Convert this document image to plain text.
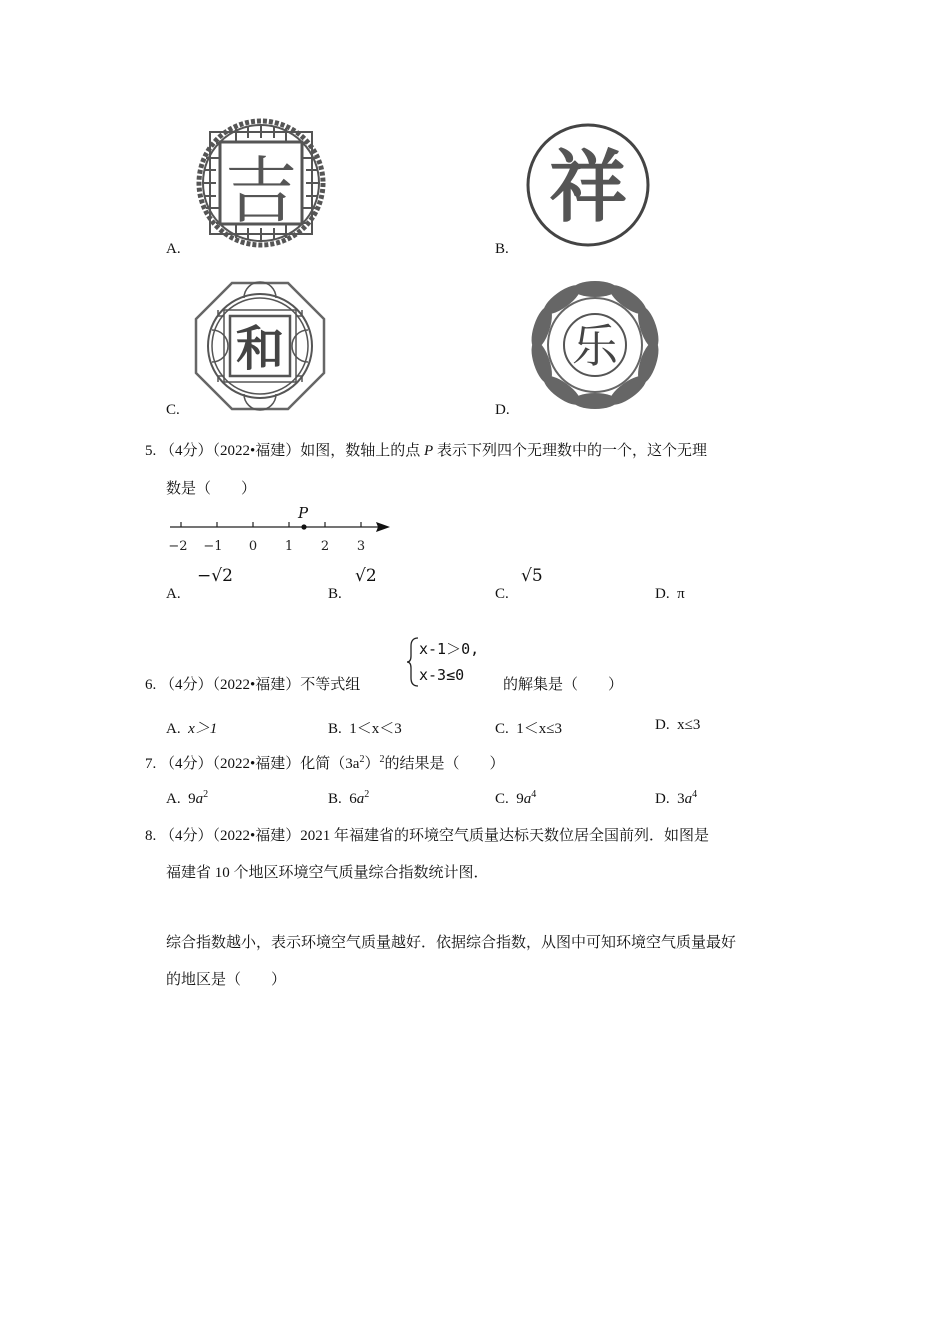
吉
A.
祥
B.
和
C.
乐
D.
5. （4分）（2022•福建）如图，数轴上的点 P 表示下列四个无理数中的一个，这个无理
数是（　　）
P
−2 −1 0 1 2 3
A.
−√2
B.
√2
C.
√5
D. π
6. （4分）（2022•福建）不等式组
x-1＞0,
x-3≤0
的解集是（　　）
A. x＞1	B. 1＜x＜3	C. 1＜x≤3	D. x≤3
7. （4分）（2022•福建）化简$(3a^2)^2$的结果是（　　）
A. $9a^2$	B. $6a^2$	C. $9a^4$	D. $3a^4$
8. （4分）（2022•福建）2021 年福建省的环境空气质量达标天数位居全国前列．如图是
福建省 10 个地区环境空气质量综合指数统计图．
综合指数越小，表示环境空气质量越好．依据综合指数，从图中可知环境空气质量最好
的地区是（　　）
